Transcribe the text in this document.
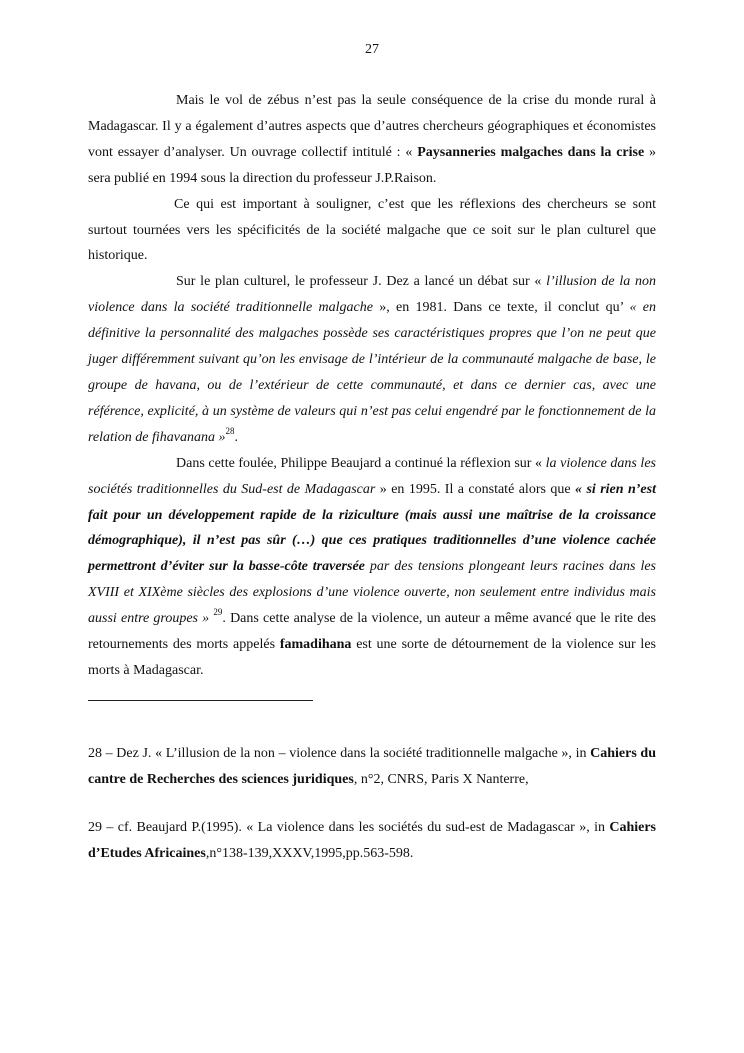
27

Mais le vol de zébus n’est pas la seule conséquence de la crise du monde rural à Madagascar. Il y a également d’autres aspects que d’autres chercheurs géographiques et économistes vont essayer d’analyser. Un ouvrage collectif intitulé : « Paysanneries malgaches dans la crise » sera publié en 1994 sous la direction du professeur J.P.Raison.

Ce qui est important à souligner, c’est que les réflexions des chercheurs se sont surtout tournées vers les spécificités de la société malgache que ce soit sur le plan culturel que historique.

Sur le plan culturel, le professeur J. Dez a lancé un débat sur « l’illusion de la non violence dans la société traditionnelle malgache », en 1981. Dans ce texte, il conclut qu’ « en définitive la personnalité des malgaches possède ses caractéristiques propres que l’on ne peut que juger différemment suivant qu’on les envisage de l’intérieur de la communauté malgache de base, le groupe de havana, ou de l’extérieur de cette communauté, et dans ce dernier cas, avec une référence, explicité, à un système de valeurs qui n’est pas celui engendré par le fonctionnement de la relation de fihavanana »$^{28}$.

Dans cette foulée, Philippe Beaujard a continué la réflexion sur « la violence dans les sociétés traditionnelles du Sud-est de Madagascar » en 1995. Il a constaté alors que « si rien n’est fait pour un développement rapide de la riziculture (mais aussi une maîtrise de la croissance démographique), il n’est pas sûr (…) que ces pratiques traditionnelles d’une violence cachée permettront d’éviter sur la basse-côte traversée par des tensions plongeant leurs racines dans les XVIII et XIXème siècles des explosions d’une violence ouverte, non seulement entre individus mais aussi entre groupes » $^{29}$. Dans cette analyse de la violence, un auteur a même avancé que le rite des retournements des morts appelés famadihana est une sorte de détournement de la violence sur les morts à Madagascar.

28 – Dez J. « L’illusion de la non – violence dans la société traditionnelle malgache », in Cahiers du cantre de Recherches des sciences juridiques, n°2, CNRS, Paris X Nanterre,

29 – cf. Beaujard P.(1995). « La violence dans les sociétés du sud-est de Madagascar », in Cahiers d’Etudes Africaines,n°138-139,XXXV,1995,pp.563-598.
